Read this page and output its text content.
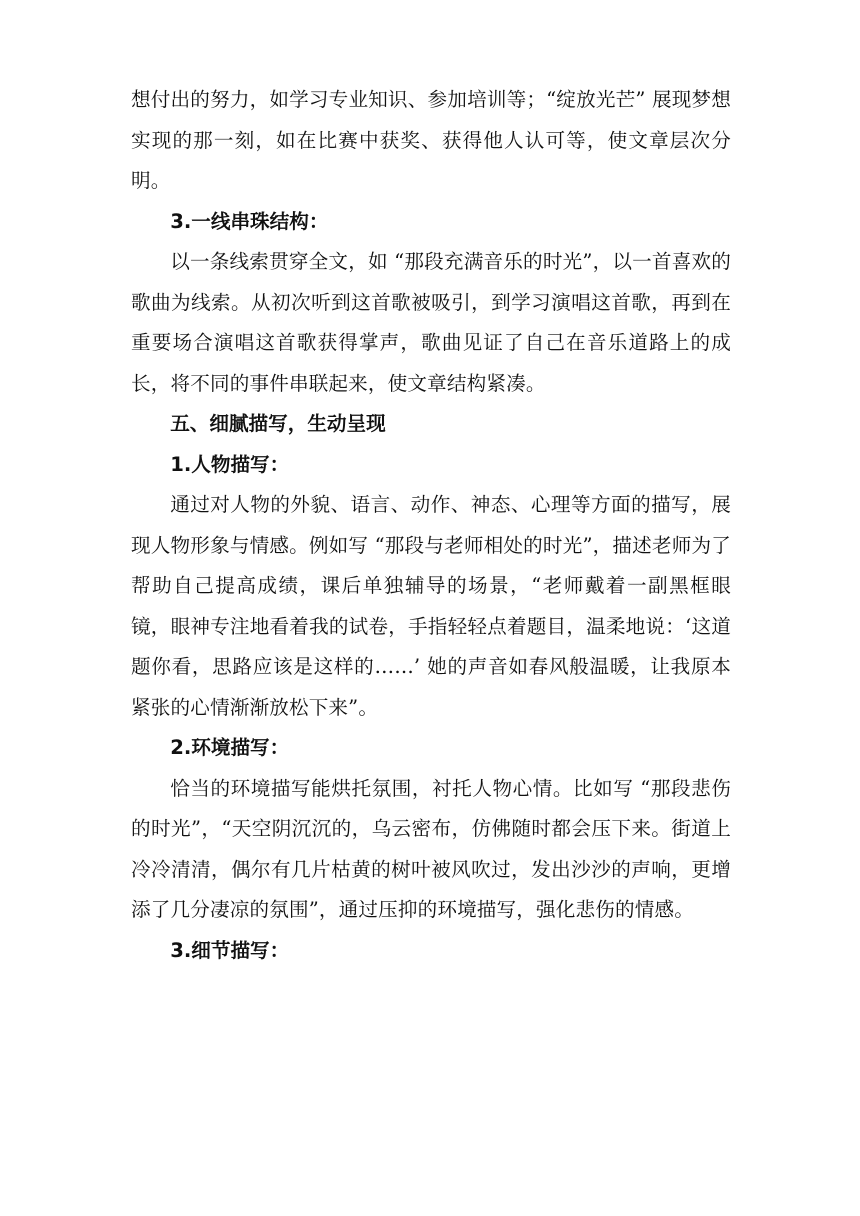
想付出的努力，如学习专业知识、参加培训等；“绽放光芒” 展现梦想实现的那一刻，如在比赛中获奖、获得他人认可等，使文章层次分明。

3.一线串珠结构：

以一条线索贯穿全文，如 “那段充满音乐的时光”，以一首喜欢的歌曲为线索。从初次听到这首歌被吸引，到学习演唱这首歌，再到在重要场合演唱这首歌获得掌声，歌曲见证了自己在音乐道路上的成长，将不同的事件串联起来，使文章结构紧凑。

五、细腻描写，生动呈现

1.人物描写：

通过对人物的外貌、语言、动作、神态、心理等方面的描写，展现人物形象与情感。例如写 “那段与老师相处的时光”，描述老师为了帮助自己提高成绩，课后单独辅导的场景，“老师戴着一副黑框眼镜，眼神专注地看着我的试卷，手指轻轻点着题目，温柔地说：‘这道题你看，思路应该是这样的……’ 她的声音如春风般温暖，让我原本紧张的心情渐渐放松下来”。

2.环境描写：

恰当的环境描写能烘托氛围，衬托人物心情。比如写 “那段悲伤的时光”，“天空阴沉沉的，乌云密布，仿佛随时都会压下来。街道上冷冷清清，偶尔有几片枯黄的树叶被风吹过，发出沙沙的声响，更增添了几分凄凉的氛围”，通过压抑的环境描写，强化悲伤的情感。

3.细节描写：
